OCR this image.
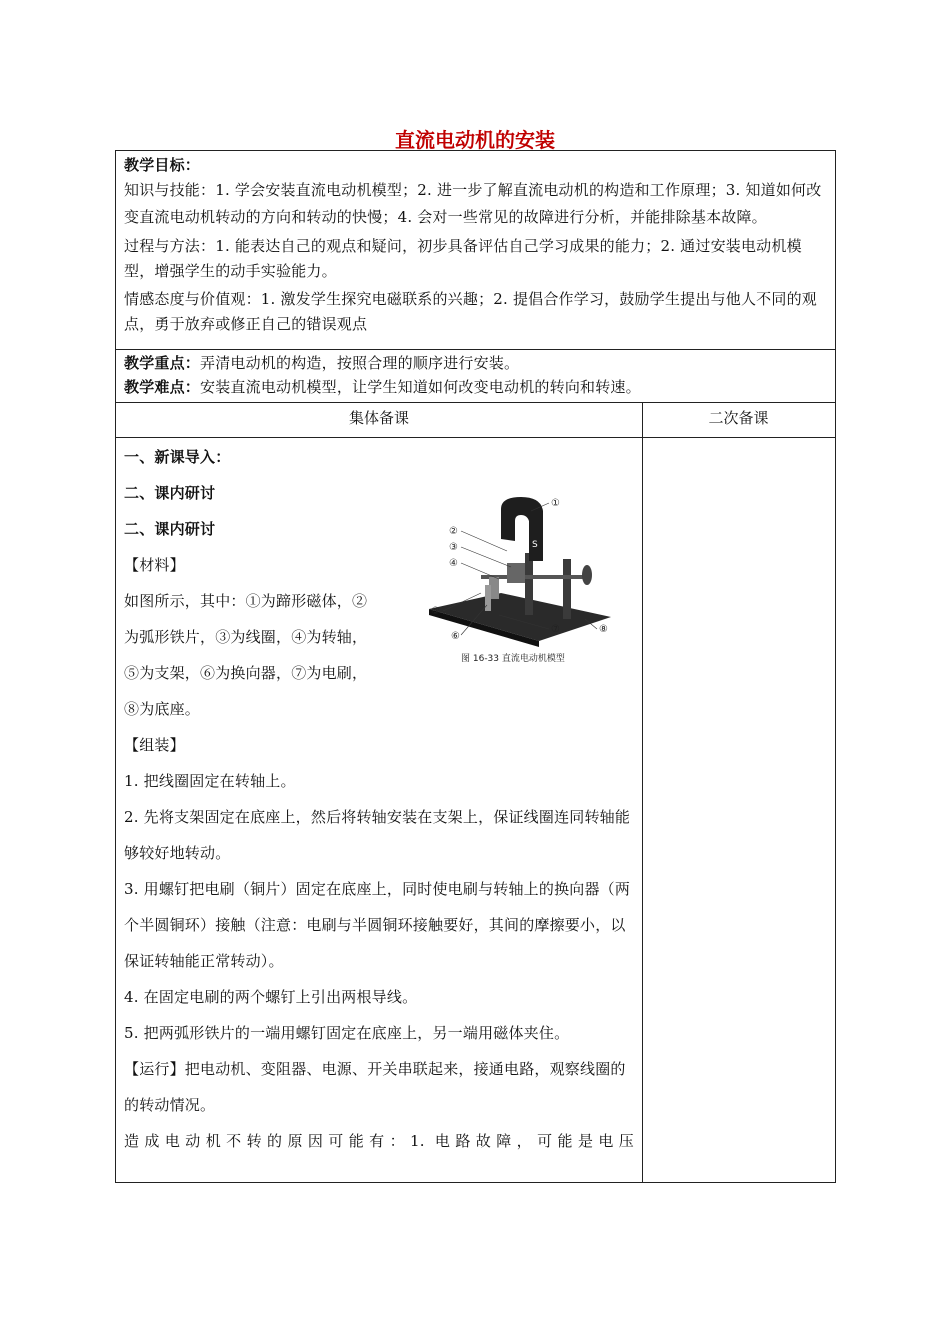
直流电动机的安装

教学目标：

知识与技能：1. 学会安装直流电动机模型；2. 进一步了解直流电动机的构造和工作原理；3. 知道如何改变直流电动机转动的方向和转动的快慢；4. 会对一些常见的故障进行分析，并能排除基本故障。

过程与方法：1. 能表达自己的观点和疑问，初步具备评估自己学习成果的能力；2. 通过安装电动机模型，增强学生的动手实验能力。

情感态度与价值观：1. 激发学生探究电磁联系的兴趣；2. 提倡合作学习，鼓励学生提出与他人不同的观点，勇于放弃或修正自己的错误观点

教学重点：弄清电动机的构造，按照合理的顺序进行安装。

教学难点：安装直流电动机模型，让学生知道如何改变电动机的转向和转速。

集体备课	二次备课

一、新课导入：

二、课内研讨

二、课内研讨

【材料】

如图所示，其中：①为蹄形磁体，②

为弧形铁片，③为线圈，④为转轴，

⑤为支架，⑥为换向器，⑦为电刷，

⑧为底座。

【组装】

1. 把线圈固定在转轴上。

2. 先将支架固定在底座上，然后将转轴安装在支架上，保证线圈连同转轴能够较好地转动。

3. 用螺钉把电刷（铜片）固定在底座上，同时使电刷与转轴上的换向器（两个半圆铜环）接触（注意：电刷与半圆铜环接触要好，其间的摩擦要小，以保证转轴能正常转动）。

4. 在固定电刷的两个螺钉上引出两根导线。

5. 把两弧形铁片的一端用螺钉固定在底座上，另一端用磁体夹住。

【运行】把电动机、变阻器、电源、开关串联起来，接通电路，观察线圈的的转动情况。

造成电动机不转的原因可能有：1. 电路故障，可能是电压

S
①
②
③
④
⑤
⑥
⑦	⑧
图 16-33 直流电动机模型
